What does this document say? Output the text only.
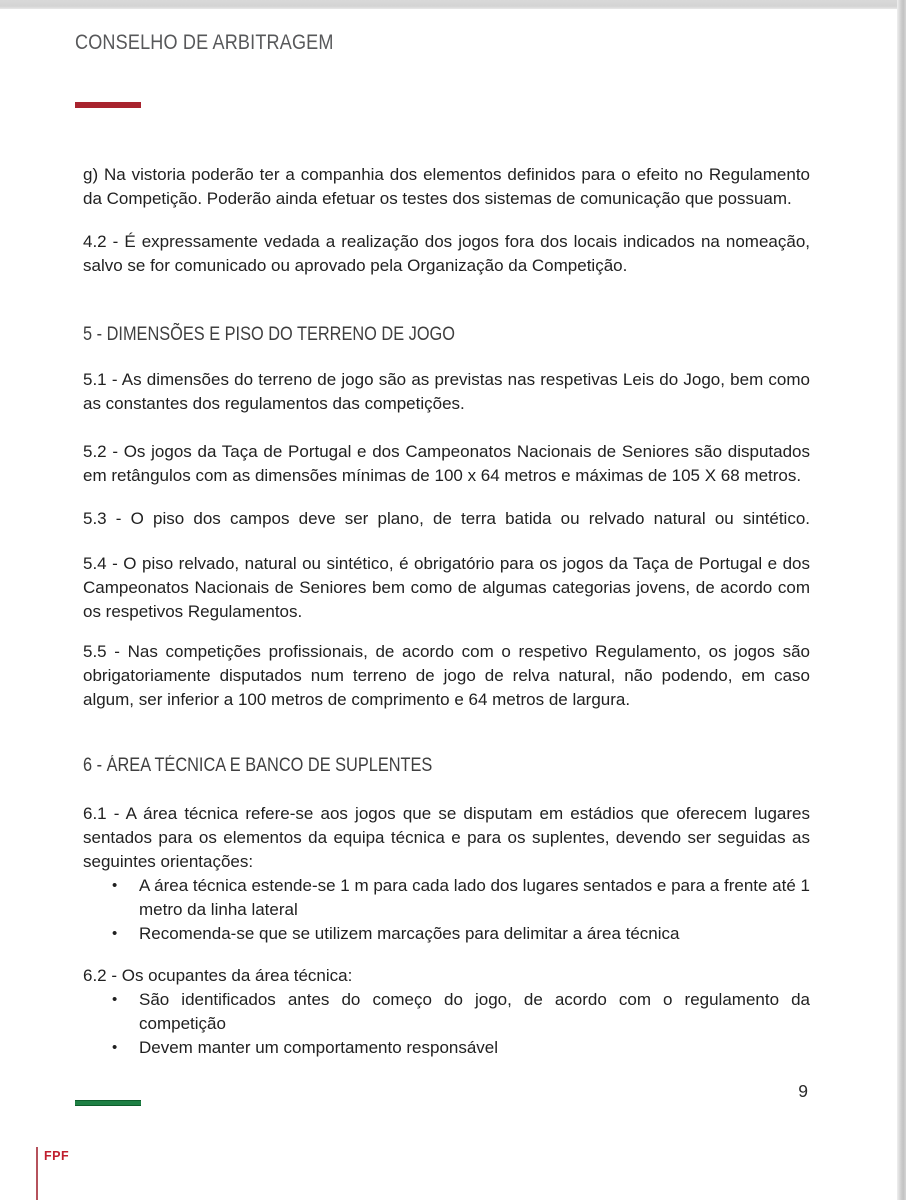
CONSELHO DE ARBITRAGEM

g) Na vistoria poderão ter a companhia dos elementos definidos para o efeito no Regulamento da Competição. Poderão ainda efetuar os testes dos sistemas de comunicação que possuam.

4.2 - É expressamente vedada a realização dos jogos fora dos locais indicados na nomeação, salvo se for comunicado ou aprovado pela Organização da Competição.

5 - DIMENSÕES E PISO DO TERRENO DE JOGO

5.1 - As dimensões do terreno de jogo são as previstas nas respetivas Leis do Jogo, bem como as constantes dos regulamentos das competições.

5.2 - Os jogos da Taça de Portugal e dos Campeonatos Nacionais de Seniores são disputados em retângulos com as dimensões mínimas de 100 x 64 metros e máximas de 105 X 68 metros.

5.3 - O piso dos campos deve ser plano, de terra batida ou relvado natural ou sintético.

5.4 - O piso relvado, natural ou sintético, é obrigatório para os jogos da Taça de Portugal e dos Campeonatos Nacionais de Seniores bem como de algumas categorias jovens, de acordo com os respetivos Regulamentos.

5.5 - Nas competições profissionais, de acordo com o respetivo Regulamento, os jogos são obrigatoriamente disputados num terreno de jogo de relva natural, não podendo, em caso algum, ser inferior a 100 metros de comprimento e 64 metros de largura.

6 - ÁREA TÉCNICA E BANCO DE SUPLENTES

6.1 - A área técnica refere-se aos jogos que se disputam em estádios que oferecem lugares sentados para os elementos da equipa técnica e para os suplentes, devendo ser seguidas as seguintes orientações:

• A área técnica estende-se 1 m para cada lado dos lugares sentados e para a frente até 1 metro da linha lateral
• Recomenda-se que se utilizem marcações para delimitar a área técnica

6.2 - Os ocupantes da área técnica:

• São identificados antes do começo do jogo, de acordo com o regulamento da competição
• Devem manter um comportamento responsável
9
FPF
